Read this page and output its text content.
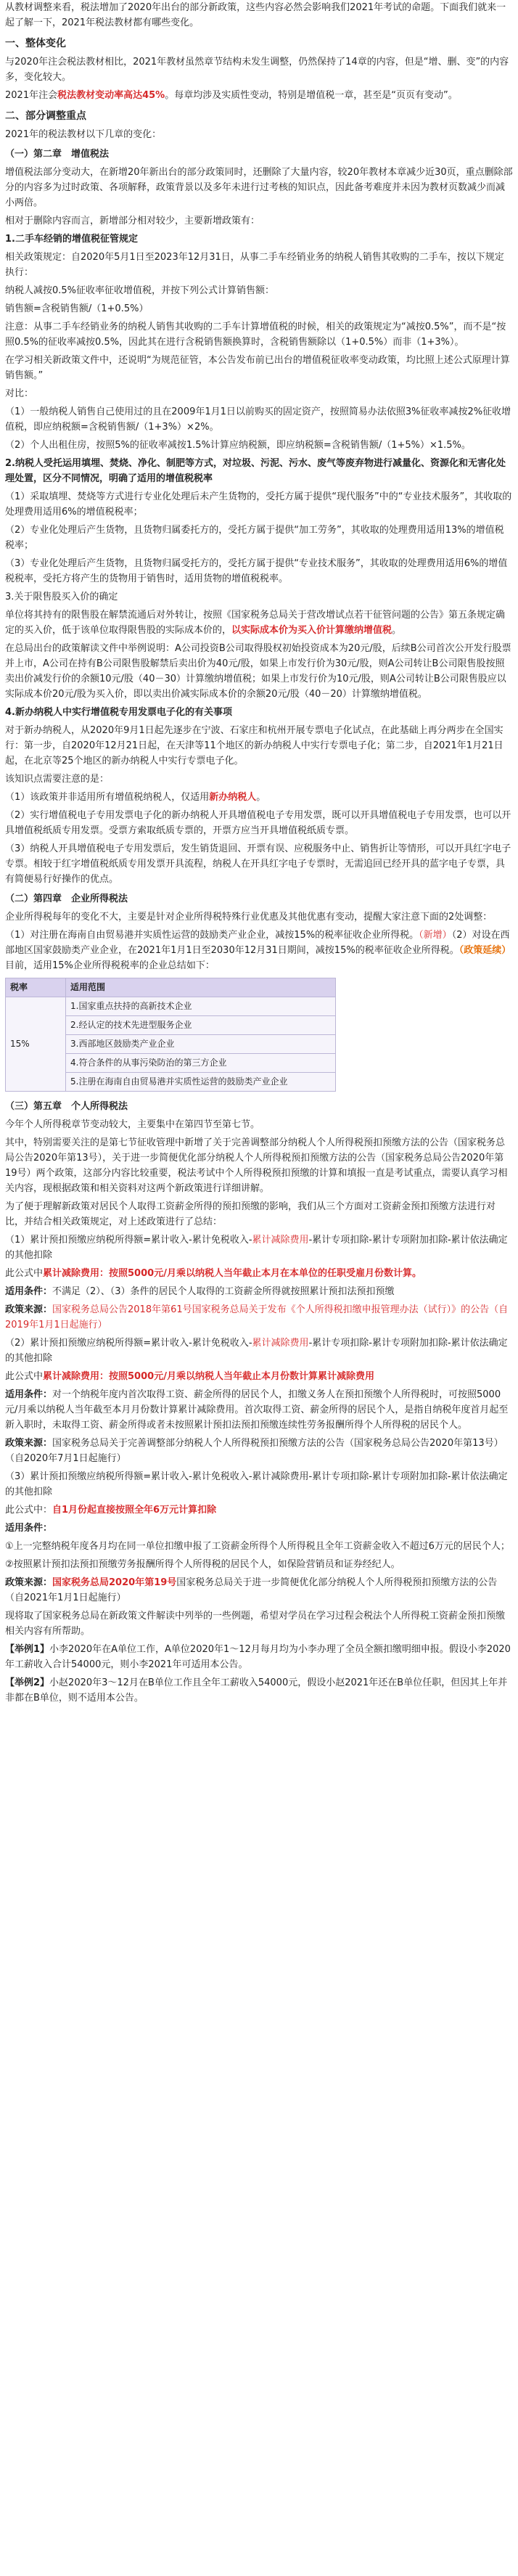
从教材调整来看，税法增加了2020年出台的部分新政策，这些内容必然会影响我们2021年考试的命题。下面我们就来一起了解一下，2021年税法教材都有哪些变化。

一、整体变化

与2020年注会税法教材相比，2021年教材虽然章节结构未发生调整，仍然保持了14章的内容，但是“增、删、变”的内容多，变化较大。

2021年注会税法教材变动率高达45%。每章均涉及实质性变动，特别是增值税一章，甚至是“页页有变动”。

二、部分调整重点

2021年的税法教材以下几章的变化：

（一）第二章　增值税法

增值税法部分变动大，在新增20年新出台的部分政策同时，还删除了大量内容，较20年教材本章减少近30页，重点删除部分的内容多为过时政策、各项解释，政策背景以及多年未进行过考核的知识点，因此备考难度并未因为教材页数减少而减小两倍。

相对于删除内容而言，新增部分相对较少，主要新增政策有：

1.二手车经销的增值税征管规定

相关政策规定：自2020年5月1日至2023年12月31日，从事二手车经销业务的纳税人销售其收购的二手车，按以下规定执行：

纳税人减按0.5%征收率征收增值税，并按下列公式计算销售额：

销售额=含税销售额/（1+0.5%）

注意：从事二手车经销业务的纳税人销售其收购的二手车计算增值税的时候，相关的政策规定为“减按0.5%”，而不是“按照0.5%的征收率减按0.5%，因此其在进行含税销售额换算时，含税销售额除以（1+0.5%）而非（1+3%）。

在学习相关新政策文件中，还说明“为规范征管，本公告发布前已出台的增值税征收率变动政策，均比照上述公式原理计算销售额。”

对比：

（1）一般纳税人销售自己使用过的且在2009年1月1日以前购买的固定资产，按照简易办法依照3%征收率减按2%征收增值税，即应纳税额=含税销售额/（1+3%）×2%。

（2）个人出租住房，按照5%的征收率减按1.5%计算应纳税额，即应纳税额=含税销售额/（1+5%）×1.5%。

2.纳税人受托运用填埋、焚烧、净化、制肥等方式，对垃圾、污泥、污水、废气等废弃物进行减量化、资源化和无害化处理处置，区分不同情况，明确了适用的增值税税率

（1）采取填埋、焚烧等方式进行专业化处理后未产生货物的，受托方属于提供“现代服务”中的“专业技术服务”，其收取的处理费用适用6%的增值税税率；

（2）专业化处理后产生货物，且货物归属委托方的，受托方属于提供“加工劳务”，其收取的处理费用适用13%的增值税税率；

（3）专业化处理后产生货物，且货物归属受托方的，受托方属于提供“专业技术服务”，其收取的处理费用适用6%的增值税税率，受托方将产生的货物用于销售时，适用货物的增值税税率。

3.关于限售股买入价的确定

单位将其持有的限售股在解禁流通后对外转让，按照《国家税务总局关于营改增试点若干征管问题的公告》第五条规定确定的买入价，低于该单位取得限售股的实际成本价的，以实际成本价为买入价计算缴纳增值税。

在总局出台的政策解读文件中举例说明：A公司投资B公司取得股权初始投资成本为20元/股，后续B公司首次公开发行股票并上市，A公司在持有B公司限售股解禁后卖出价为40元/股，如果上市发行价为30元/股，则A公司转让B公司限售股按照卖出价减发行价的余额10元/股（40－30）计算缴纳增值税；如果上市发行价为10元/股，则A公司转让B公司限售股应以实际成本价20元/股为买入价，即以卖出价减实际成本价的余额20元/股（40－20）计算缴纳增值税。

4.新办纳税人中实行增值税专用发票电子化的有关事项

对于新办纳税人，从2020年9月1日起先逐步在宁波、石家庄和杭州开展专票电子化试点，在此基础上再分两步在全国实行：第一步，自2020年12月21日起，在天津等11个地区的新办纳税人中实行专票电子化；第二步，自2021年1月21日起，在北京等25个地区的新办纳税人中实行专票电子化。

该知识点需要注意的是：

（1）该政策并非适用所有增值税纳税人，仅适用新办纳税人。

（2）实行增值税电子专用发票电子化的新办纳税人开具增值税电子专用发票，既可以开具增值税电子专用发票，也可以开具增值税纸质专用发票。受票方索取纸质专票的，开票方应当开具增值税纸质专票。

（3）纳税人开具增值税电子专用发票后，发生销货退回、开票有误、应税服务中止、销售折让等情形，可以开具红字电子专票。相较于红字增值税纸质专用发票开具流程，纳税人在开具红字电子专票时，无需追回已经开具的蓝字电子专票，具有简便易行好操作的优点。

（二）第四章　企业所得税法

企业所得税每年的变化不大，主要是针对企业所得税特殊行业优惠及其他优惠有变动，提醒大家注意下面的2处调整：

（1）对注册在海南自由贸易港并实质性运营的鼓励类产业企业，减按15%的税率征收企业所得税。（新增）（2）对设在西部地区国家鼓励类产业企业，在2021年1月1日至2030年12月31日期间，减按15%的税率征收企业所得税。（政策延续）目前，适用15%企业所得税税率的企业总结如下：

税率	适用范围
15%	1.国家重点扶持的高新技术企业
	2.经认定的技术先进型服务企业
	3.西部地区鼓励类产业企业
	4.符合条件的从事污染防治的第三方企业
	5.注册在海南自由贸易港并实质性运营的鼓励类产业企业

（三）第五章　个人所得税法

今年个人所得税章节变动较大，主要集中在第四节至第七节。

其中，特别需要关注的是第七节征收管理中新增了关于完善调整部分纳税人个人所得税预扣预缴方法的公告（国家税务总局公告2020年第13号），关于进一步简便优化部分纳税人个人所得税预扣预缴方法的公告（国家税务总局公告2020年第19号）两个政策，这部分内容比较重要，税法考试中个人所得税预扣预缴的计算和填报一直是考试重点，需要认真学习相关内容，现根据政策和相关资料对这两个新政策进行详细讲解。

为了便于理解新政策对居民个人取得工资薪金所得的预扣预缴的影响，我们从三个方面对工资薪金预扣预缴方法进行对比，并结合相关政策规定，对上述政策进行了总结：

（1）累计预扣预缴应纳税所得额=累计收入-累计免税收入-累计减除费用-累计专项扣除-累计专项附加扣除-累计依法确定的其他扣除

此公式中累计减除费用：按照5000元/月乘以纳税人当年截止本月在本单位的任职受雇月份数计算。

适用条件：不满足（2）、（3）条件的居民个人取得的工资薪金所得就按照累计预扣法预扣预缴

政策来源：国家税务总局公告2018年第61号国家税务总局关于发布《个人所得税扣缴申报管理办法（试行）》的公告（自2019年1月1日起施行）

（2）累计预扣预缴应纳税所得额=累计收入-累计免税收入-累计减除费用-累计专项扣除-累计专项附加扣除-累计依法确定的其他扣除

此公式中累计减除费用：按照5000元/月乘以纳税人当年截止本月份数计算累计减除费用

适用条件：对一个纳税年度内首次取得工资、薪金所得的居民个人，扣缴义务人在预扣预缴个人所得税时，可按照5000元/月乘以纳税人当年截至本月月份数计算累计减除费用。首次取得工资、薪金所得的居民个人，是指自纳税年度首月起至新入职时，未取得工资、薪金所得或者未按照累计预扣法预扣预缴连续性劳务报酬所得个人所得税的居民个人。

政策来源：国家税务总局关于完善调整部分纳税人个人所得税预扣预缴方法的公告（国家税务总局公告2020年第13号）（自2020年7月1日起施行）

（3）累计预扣预缴应纳税所得额=累计收入-累计免税收入-累计减除费用-累计专项扣除-累计专项附加扣除-累计依法确定的其他扣除

此公式中：自1月份起直接按照全年6万元计算扣除

适用条件：

①上一完整纳税年度各月均在同一单位扣缴申报了工资薪金所得个人所得税且全年工资薪金收入不超过6万元的居民个人；

②按照累计预扣法预扣预缴劳务报酬所得个人所得税的居民个人，如保险营销员和证券经纪人。

政策来源：国家税务总局2020年第19号国家税务总局关于进一步简便优化部分纳税人个人所得税预扣预缴方法的公告（自2021年1月1日起施行）

现将取了国家税务总局在新政策文件解读中列举的一些例题，希望对学员在学习过程会税法个人所得税工资薪金预扣预缴相关内容有所帮助。

【举例1】小李2020年在A单位工作，A单位2020年1～12月每月均为小李办理了全员全额扣缴明细申报。假设小李2020年工薪收入合计54000元，则小李2021年可适用本公告。

【举例2】小赵2020年3～12月在B单位工作且全年工薪收入54000元，假设小赵2021年还在B单位任职，但因其上年并非都在B单位，则不适用本公告。
